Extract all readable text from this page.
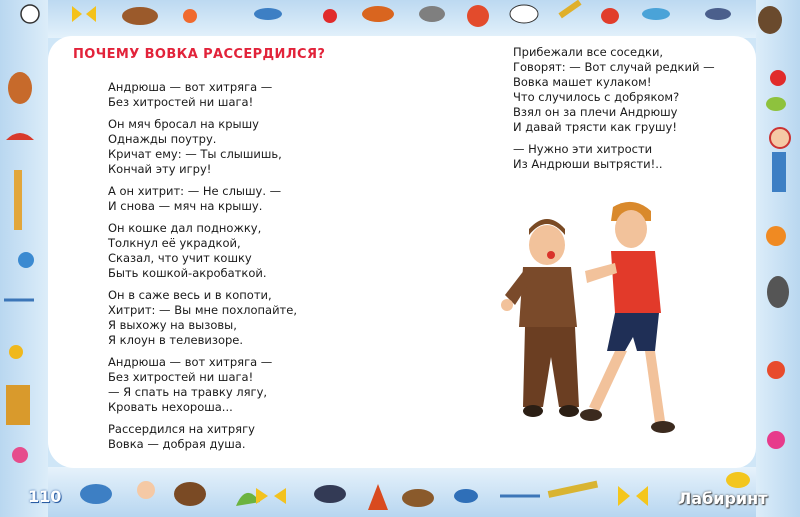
ПОЧЕМУ ВОВКА РАССЕРДИЛСЯ?

Андрюша — вот хитряга —
Без хитростей ни шага!

Он мяч бросал на крышу
Однажды поутру.
Кричат ему: — Ты слышишь,
Кончай эту игру!

А он хитрит: — Не слышу. —
И снова — мяч на крышу.

Он кошке дал подножку,
Толкнул её украдкой,
Сказал, что учит кошку
Быть кошкой-акробаткой.

Он в саже весь и в копоти,
Хитрит: — Вы мне похлопайте,
Я выхожу на вызовы,
Я клоун в телевизоре.

Андрюша — вот хитряга —
Без хитростей ни шага!
— Я спать на травку лягу,
Кровать нехороша...

Рассердился на хитрягу
Вовка — добрая душа.

Прибежали все соседки,
Говорят: — Вот случай редкий —
Вовка машет кулаком!
Что случилось с добряком?
Взял он за плечи Андрюшу
И давай трясти как грушу!

— Нужно эти хитрости
Из Андрюши вытрясти!..

110	Лабиринт
